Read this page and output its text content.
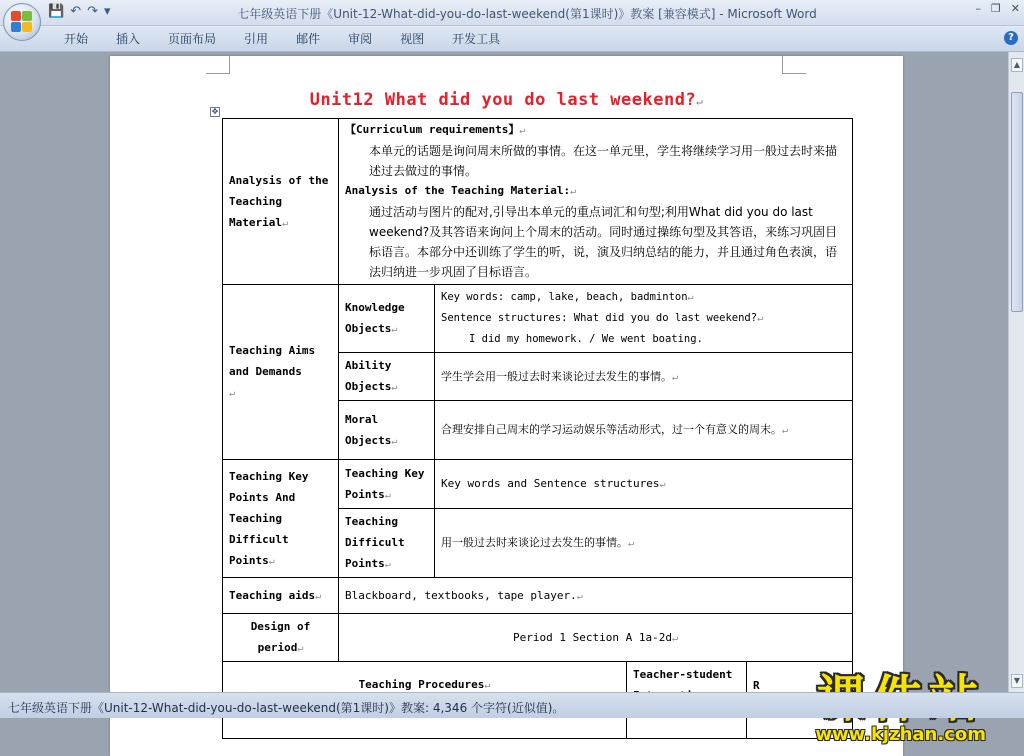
💾 ↶ ↷ ▾	七年级英语下册《Unit-12-What-did-you-do-last-weekend(第1课时)》教案 [兼容模式] - Microsoft Word	– ❐ ✕
开始	插入	页面布局	引用	邮件	审阅	视图	开发工具	?
Unit12 What did you do last weekend?↵
✥
Analysis of the Teaching Material↵	【Curriculum requirements】↵

本单元的话题是询问周末所做的事情。在这一单元里，学生将继续学习用一般过去时来描述过去做过的事情。
Analysis of the Teaching Material:↵

通过活动与图片的配对,引导出本单元的重点词汇和句型;利用What did you do last weekend?及其答语来询问上个周末的活动。同时通过操练句型及其答语，来练习巩固目标语言。本部分中还训练了学生的听，说，演及归纳总结的能力，并且通过角色表演，语法归纳进一步巩固了目标语言。			

Teaching Aims and Demands
↵	Knowledge Objects↵	Key words: camp, lake, beach, badminton↵
Sentence structures: What did you do last weekend?↵

I did my homework. / We went boating.		

	Ability Objects↵	学生学会用一般过去时来谈论过去发生的事情。↵		
	Moral Objects↵	合理安排自己周末的学习运动娱乐等活动形式，过一个有意义的周末。↵		
Teaching Key Points And Teaching Difficult Points↵	Teaching Key Points↵	Key words and Sentence structures↵		
	Teaching Difficult Points↵	用一般过去时来谈论过去发生的事情。↵		
Teaching aids↵	Blackboard, textbooks, tape player.↵			
Design of period↵	Period 1 Section A 1a-2d↵			
Teaching Procedures↵			Teacher-student	R

www.kjzhan.com
▲
▼
七年级英语下册《Unit-12-What-did-you-do-last-weekend(第1课时)》教案: 4,346 个字符(近似值)。
